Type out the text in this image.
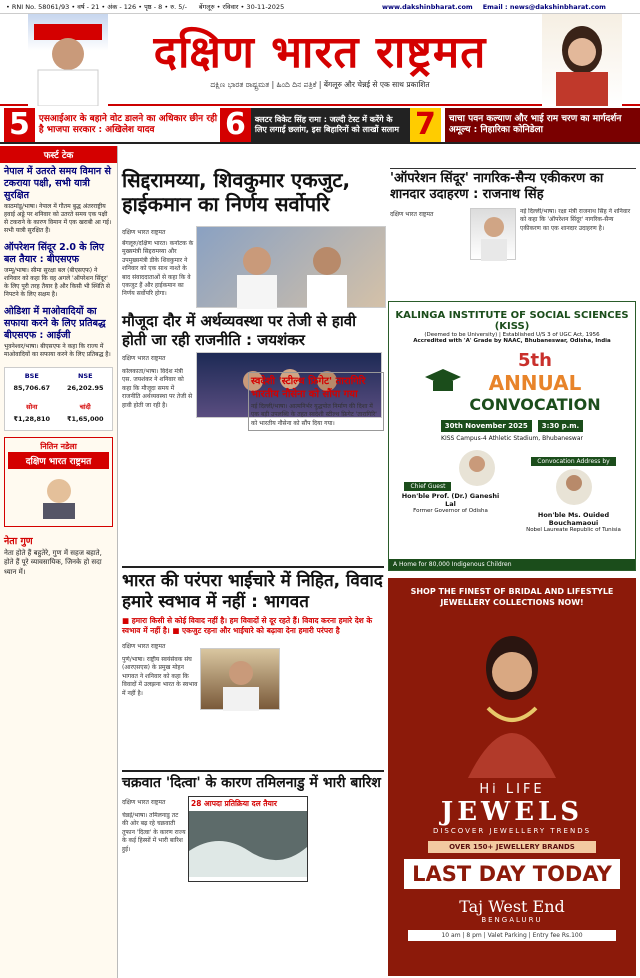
• RNI No. 58061/93 • वर्ष - 21 • अंक - 126 • पृष्ठ - 8 • रु. 5/- बेंगलूरु • रविवार • 30-11-2025	www.dakshinbharat.com Email : news@dakshinbharat.com
दक्षिण भारत राष्ट्रमत
ದಕ್ಷಿಣ ಭಾರತ ರಾಷ್ಟ್ರಮತ | ಹಿಂದಿ ದಿನ ಪತ್ರಿಕೆ | बेंगलूरु और चेन्नई से एक साथ प्रकाशित
5	एसआईआर के बहाने वोट डालने का अधिकार छीन रही है भाजपा सरकार : अखिलेश यादव	6	क्लटर विकेट सिंह रामा : जल्दी टेस्ट में करेंगे के लिए लगाई छलांग, इस बिहारिनों को लाखों सलाम 7	चाचा पवन कल्याण और भाई राम चरण का मार्गदर्शन अमूल्य : निहारिका कोनिडेला
फर्स्ट टेक
नेपाल में उतरते समय विमान से टकराया पक्षी, सभी यात्री सुरक्षित
काठमांडू/भाषा। नेपाल में गौतम बुद्ध अंतरराष्ट्रीय हवाई अड्डे पर शनिवार को उतरते समय एक पक्षी से टकराने के कारण विमान में एक खराबी आ गई। सभी यात्री सुरक्षित हैं।
ऑपरेशन सिंदूर 2.0 के लिए बल तैयार : बीएसएफ
जम्मू/भाषा। सीमा सुरक्षा बल (बीएसएफ) ने शनिवार को कहा कि वह अगले 'ऑपरेशन सिंदूर' के लिए पूरी तरह तैयार है और किसी भी स्थिति से निपटने के लिए सक्षम है।
ओडिशा में माओवादियों का सफाया करने के लिए प्रतिबद्ध बीएसएफ : आईजी
भुवनेश्वर/भाषा। बीएसएफ ने कहा कि राज्य में माओवादियों का सफाया करने के लिए प्रतिबद्ध है।
BSE
85,706.67
NSE
26,202.95
सोना
₹1,28,810
चांदी
₹1,65,000
नितिन नडेला
दक्षिण भारत राष्ट्रमत
नेता गुण
नेता होते हैं बहुतेरे, गुण में सहज बहाते, होते हैं पूरे व्यावसायिक, जिनके हो सदा ध्यान में।
सिद्दरामय्या, शिवकुमार एकजुट, हाईकमान का निर्णय सर्वोपरि
दक्षिण भारत राष्ट्रमत
बेंगलूरु/दक्षिण भारत। कर्नाटक के मुख्यमंत्री सिद्दरामय्या और उपमुख्यमंत्री डीके शिवकुमार ने शनिवार को एक साथ नाश्ते के बाद संवाददाताओं से कहा कि वे एकजुट हैं और हाईकमान का निर्णय सर्वोपरि होगा।
मौजूदा दौर में अर्थव्यवस्था पर तेजी से हावी होती जा रही राजनीति : जयशंकर
दक्षिण भारत राष्ट्रमत
कोलकाता/भाषा। विदेश मंत्री एस. जयशंकर ने शनिवार को कहा कि मौजूदा समय में राजनीति अर्थव्यवस्था पर तेजी से हावी होती जा रही है।
'ऑपरेशन सिंदूर' नागरिक-सैन्य एकीकरण का शानदार उदाहरण : राजनाथ सिंह
दक्षिण भारत राष्ट्रमत	नई दिल्ली/भाषा। रक्षा मंत्री राजनाथ सिंह ने शनिवार को कहा कि 'ऑपरेशन सिंदूर' नागरिक-सैन्य एकीकरण का एक शानदार उदाहरण है।
KALINGA INSTITUTE OF SOCIAL SCIENCES (KISS)
(Deemed to be University) | Established U/S 3 of UGC Act, 1956
Accredited with 'A' Grade by NAAC, Bhubaneswar, Odisha, India
5th
ANNUAL
CONVOCATION
30th November 2025	3:30 p.m.
KISS Campus-4 Athletic Stadium, Bhubaneswar
Chief Guest
Hon'ble Prof. (Dr.) Ganeshi Lal
Former Governor of Odisha
Convocation Address by
Hon'ble Ms. Ouided Bouchamaoui
Nobel Laureate Republic of Tunisia
A Home for 80,000 Indigenous Children
स्वदेशी 'स्टील्थ फ्रिगेट' तारागिरि भारतीय नौसेना को सौंपा गया
नई दिल्ली/भाषा। आत्मनिर्भर युद्धपोत निर्माण की दिशा में एक बड़ी उपलब्धि के तहत स्वदेशी स्टील्थ फ्रिगेट 'तारागिरि' को भारतीय नौसेना को सौंप दिया गया।
भारत की परंपरा भाईचारे में निहित, विवाद हमारे स्वभाव में नहीं : भागवत
■ हमारा किसी से कोई विवाद नहीं है। हम विवादों से दूर रहते हैं। विवाद करना हमारे देश के स्वभाव में नहीं है। ■ एकजुट रहना और भाईचारे को बढ़ावा देना हमारी परंपरा है
दक्षिण भारत राष्ट्रमत
पुणे/भाषा। राष्ट्रीय स्वयंसेवक संघ (आरएसएस) के प्रमुख मोहन भागवत ने शनिवार को कहा कि विवादों में उलझना भारत के स्वभाव में नहीं है।
चक्रवात 'दित्वा' के कारण तमिलनाडु में भारी बारिश
28 आपदा प्रतिक्रिया दल तैयार
दक्षिण भारत राष्ट्रमत
चेन्नई/भाषा। तमिलनाडु तट की ओर बढ़ रहे चक्रवाती तूफान 'दित्वा' के कारण राज्य के कई हिस्सों में भारी बारिश हुई।
SHOP THE FINEST OF BRIDAL AND LIFESTYLE JEWELLERY COLLECTIONS NOW!
Hi LIFE
JEWELS
DISCOVER JEWELLERY TRENDS
OVER 150+ JEWELLERY BRANDS
LAST DAY TODAY
Taj West End
BENGALURU
10 am | 8 pm | Valet Parking | Entry fee Rs.100
